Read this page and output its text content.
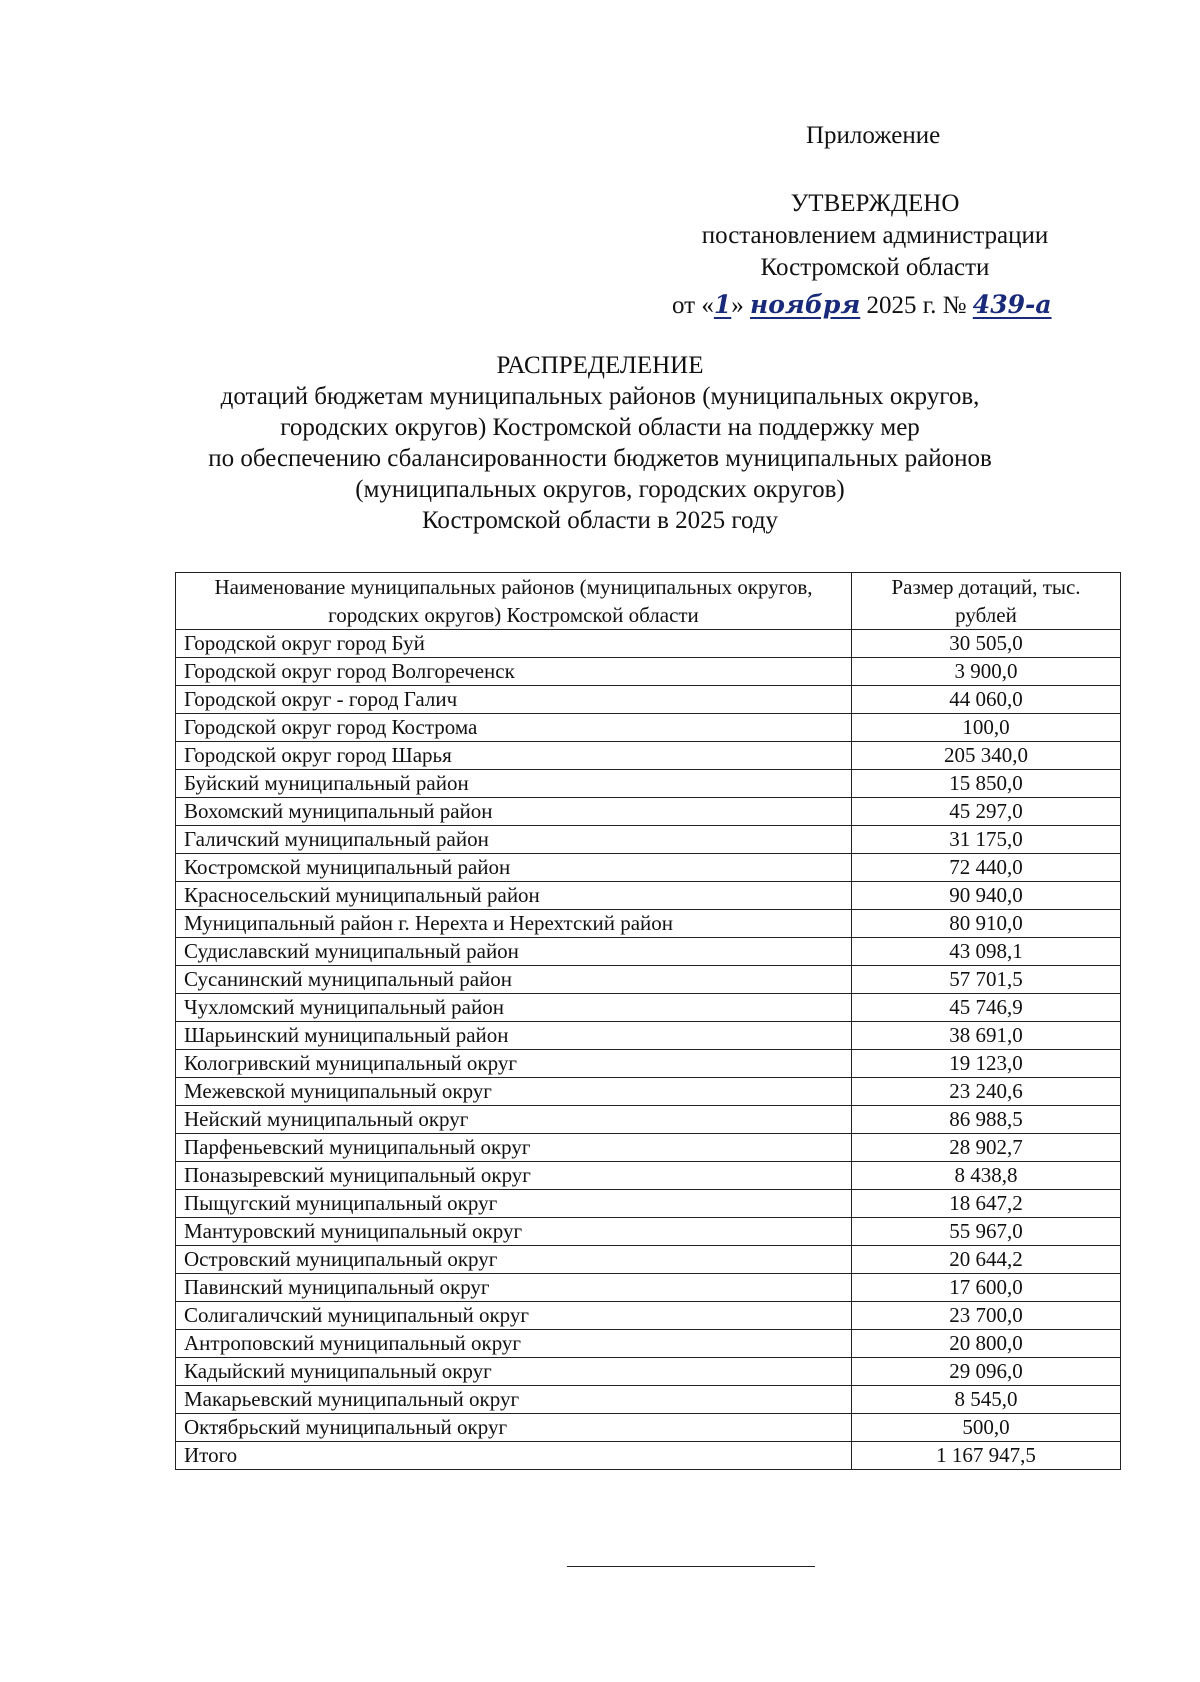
Приложение
УТВЕРЖДЕНО
постановлением администрации
Костромской области
от «1» ноября 2025 г. № 439-а
РАСПРЕДЕЛЕНИЕ
дотаций бюджетам муниципальных районов (муниципальных округов,
городских округов) Костромской области на поддержку мер
по обеспечению сбалансированности бюджетов муниципальных районов
(муниципальных округов, городских округов)
Костромской области в 2025 году
Наименование муниципальных районов (муниципальных округов, городских округов) Костромской области	Размер дотаций, тыс. рублей
Городской округ город Буй	30 505,0
Городской округ город Волгореченск	3 900,0
Городской округ - город Галич	44 060,0
Городской округ город Кострома	100,0
Городской округ город Шарья	205 340,0
Буйский муниципальный район	15 850,0
Вохомский муниципальный район	45 297,0
Галичский муниципальный район	31 175,0
Костромской муниципальный район	72 440,0
Красносельский муниципальный район	90 940,0
Муниципальный район г. Нерехта и Нерехтский район	80 910,0
Судиславский муниципальный район	43 098,1
Сусанинский муниципальный район	57 701,5
Чухломский муниципальный район	45 746,9
Шарьинский муниципальный район	38 691,0
Кологривский муниципальный округ	19 123,0
Межевской муниципальный округ	23 240,6
Нейский муниципальный округ	86 988,5
Парфеньевский муниципальный округ	28 902,7
Поназыревский муниципальный округ	8 438,8
Пыщугский муниципальный округ	18 647,2
Мантуровский муниципальный округ	55 967,0
Островский муниципальный округ	20 644,2
Павинский муниципальный округ	17 600,0
Солигаличский муниципальный округ	23 700,0
Антроповский муниципальный округ	20 800,0
Кадыйский муниципальный округ	29 096,0
Макарьевский муниципальный округ	8 545,0
Октябрьский муниципальный округ	500,0
Итого	1 167 947,5
